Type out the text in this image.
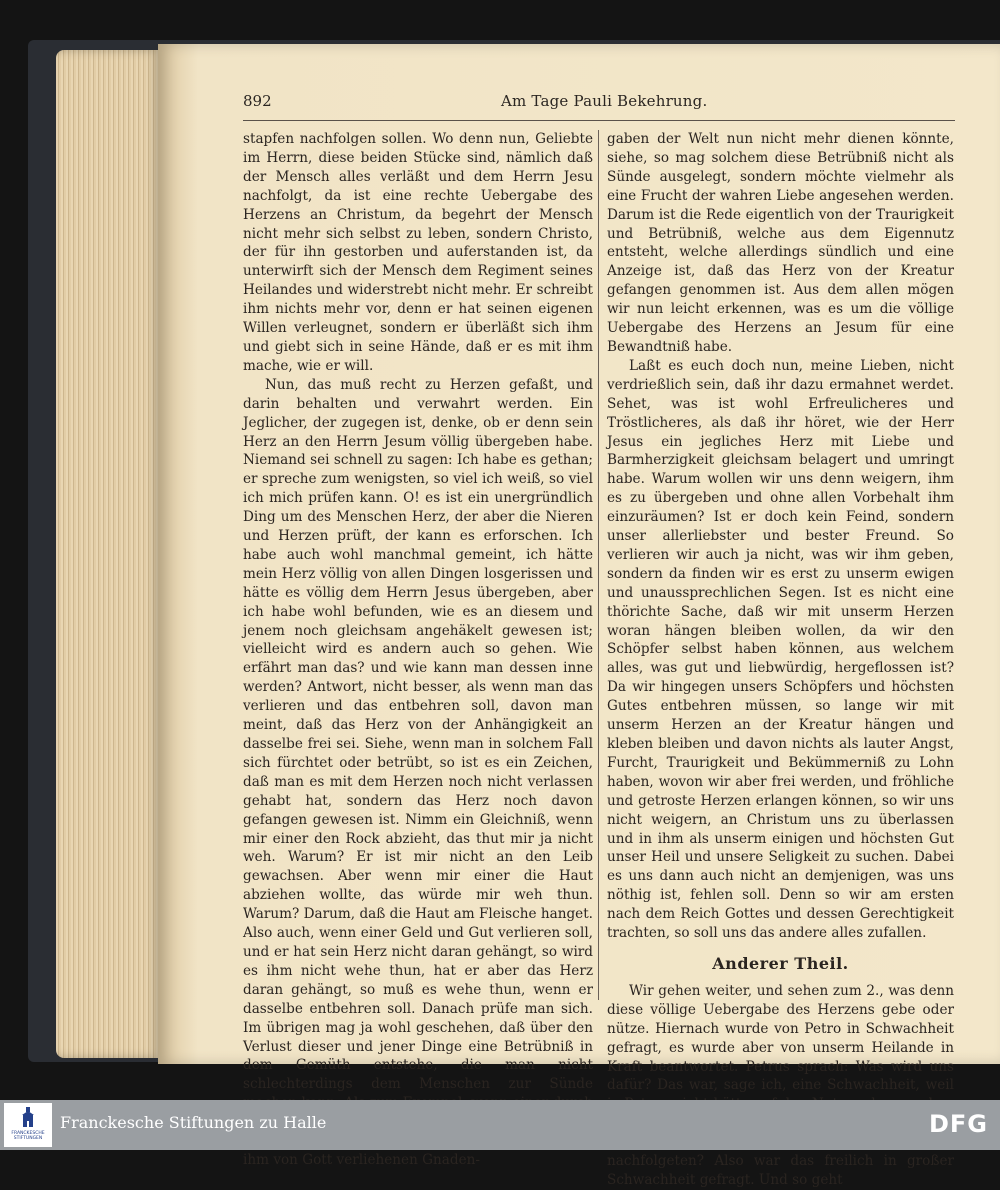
892	Am Tage Pauli Bekehrung.

stapfen nachfolgen sollen. Wo denn nun, Geliebte im Herrn, diese beiden Stücke sind, nämlich daß der Mensch alles verläßt und dem Herrn Jesu nachfolgt, da ist eine rechte Uebergabe des Herzens an Christum, da begehrt der Mensch nicht mehr sich selbst zu leben, sondern Christo, der für ihn gestorben und auferstanden ist, da unterwirft sich der Mensch dem Regiment seines Heilandes und widerstrebt nicht mehr. Er schreibt ihm nichts mehr vor, denn er hat seinen eigenen Willen verleugnet, sondern er überläßt sich ihm und giebt sich in seine Hände, daß er es mit ihm mache, wie er will.

Nun, das muß recht zu Herzen gefaßt, und darin behalten und verwahrt werden. Ein Jeglicher, der zugegen ist, denke, ob er denn sein Herz an den Herrn Jesum völlig übergeben habe. Niemand sei schnell zu sagen: Ich habe es gethan; er spreche zum wenigsten, so viel ich weiß, so viel ich mich prüfen kann. O! es ist ein unergründlich Ding um des Menschen Herz, der aber die Nieren und Herzen prüft, der kann es erforschen. Ich habe auch wohl manchmal gemeint, ich hätte mein Herz völlig von allen Dingen losgerissen und hätte es völlig dem Herrn Jesus übergeben, aber ich habe wohl befunden, wie es an diesem und jenem noch gleichsam angehäkelt gewesen ist; vielleicht wird es andern auch so gehen. Wie erfährt man das? und wie kann man dessen inne werden? Antwort, nicht besser, als wenn man das verlieren und das entbehren soll, davon man meint, daß das Herz von der Anhängigkeit an dasselbe frei sei. Siehe, wenn man in solchem Fall sich fürchtet oder betrübt, so ist es ein Zeichen, daß man es mit dem Herzen noch nicht verlassen gehabt hat, sondern das Herz noch davon gefangen gewesen ist. Nimm ein Gleichniß, wenn mir einer den Rock abzieht, das thut mir ja nicht weh. Warum? Er ist mir nicht an den Leib gewachsen. Aber wenn mir einer die Haut abziehen wollte, das würde mir weh thun. Warum? Darum, daß die Haut am Fleische hanget. Also auch, wenn einer Geld und Gut verlieren soll, und er hat sein Herz nicht daran gehängt, so wird es ihm nicht wehe thun, hat er aber das Herz daran gehängt, so muß es wehe thun, wenn er dasselbe entbehren soll. Danach prüfe man sich. Im übrigen mag ja wohl geschehen, daß über den Verlust dieser und jener Dinge eine Betrübniß in dem Gemüth entstehe, die man nicht schlechterdings dem Menschen zur Sünde ihm von Gott verliehenen Gnaden-

gaben der Welt nun nicht mehr dienen könnte, siehe, so mag solchem diese Betrübniß nicht als Sünde ausgelegt, sondern möchte vielmehr als eine Frucht der wahren Liebe angesehen werden. Darum ist die Rede eigentlich von der Traurigkeit und Betrübniß, welche aus dem Eigennutz entsteht, welche allerdings sündlich und eine Anzeige ist, daß das Herz von der Kreatur gefangen genommen ist. Aus dem allen mögen wir nun leicht erkennen, was es um die völlige Uebergabe des Herzens an Jesum für eine Bewandtniß habe.

Laßt es euch doch nun, meine Lieben, nicht verdrießlich sein, daß ihr dazu ermahnet werdet. Sehet, was ist wohl Erfreulicheres und Tröstlicheres, als daß ihr höret, wie der Herr Jesus ein jegliches Herz mit Liebe und Barmherzigkeit gleichsam belagert und umringt habe. Warum wollen wir uns denn weigern, ihm es zu übergeben und ohne allen Vorbehalt ihm einzuräumen? Ist er doch kein Feind, sondern unser allerliebster und bester Freund. So verlieren wir auch ja nicht, was wir ihm geben, sondern da finden wir es erst zu unserm ewigen und unaussprechlichen Segen. Ist es nicht eine thörichte Sache, daß wir mit unserm Herzen woran hängen bleiben wollen, da wir den Schöpfer selbst haben können, aus welchem alles, was gut und liebwürdig, hergeflossen ist? Da wir hingegen unsers Schöpfers und höchsten Gutes entbehren müssen, so lange wir mit unserm Herzen an der Kreatur hängen und kleben bleiben und davon nichts als lauter Angst, Furcht, Traurigkeit und Bekümmerniß zu Lohn haben, wovon wir aber frei werden, und fröhliche und getroste Herzen erlangen können, so wir uns nicht weigern, an Christum uns zu überlassen und in ihm als unserm einigen und höchsten Gut unser Heil und unsere Seligkeit zu suchen. Dabei es uns dann auch nicht an demjenigen, was uns nöthig ist, fehlen soll. Denn so wir am ersten nach dem Reich Gottes und dessen Gerechtigkeit trachten, so soll uns das andere alles zufallen.

Anderer Theil.

Wir gehen weiter, und sehen zum 2., was denn diese völlige Uebergabe des Herzens gebe oder nütze. Hiernach wurde von Petro in Schwachheit gefragt, es wurde aber von unserm Heilande in Kraft beantwortet. Petrus sprach: Was wird uns dafür? Das war, sage ich, eine Schwachheit, weil nachfolgeten? Also war das freilich in großer Schwachheit gefragt. Und so geht

FRANCKESCHE
STIFTUNGEN
Franckesche Stiftungen zu Halle	DFG
